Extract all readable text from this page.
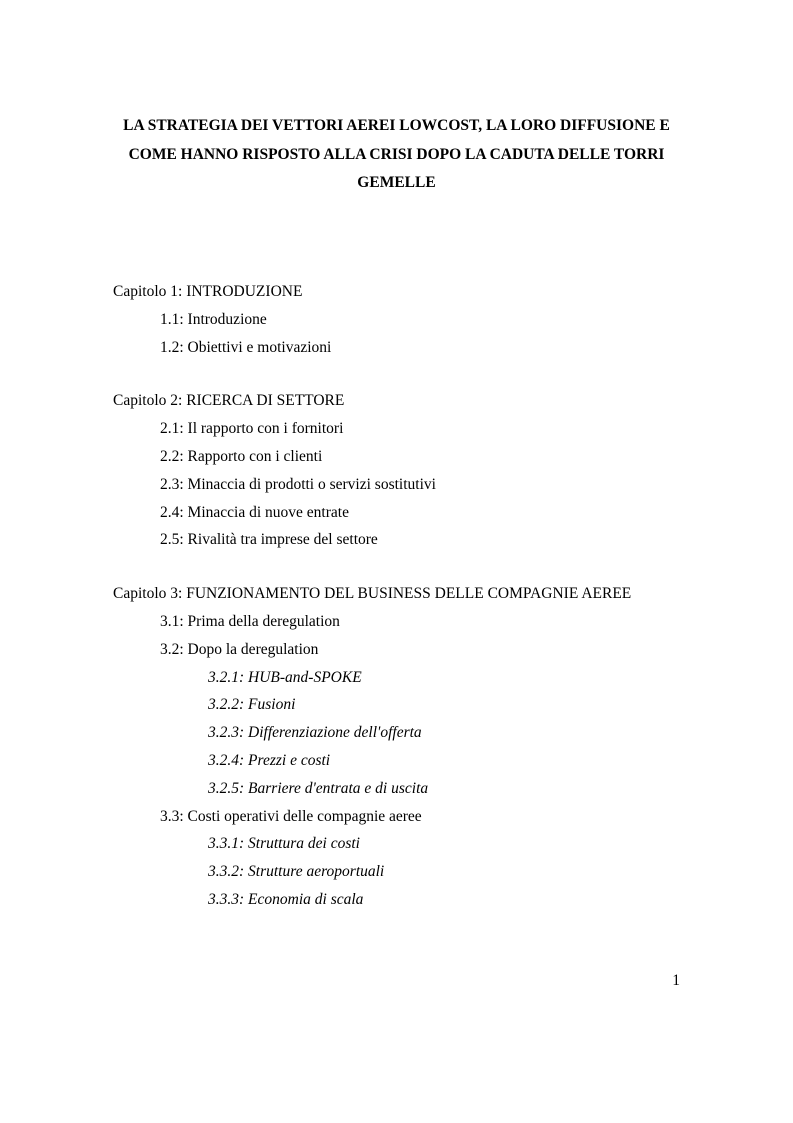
LA STRATEGIA DEI VETTORI AEREI LOWCOST, LA LORO DIFFUSIONE E
COME HANNO RISPOSTO ALLA CRISI DOPO LA CADUTA DELLE TORRI
GEMELLE
Capitolo 1: INTRODUZIONE
1.1: Introduzione
1.2: Obiettivi e motivazioni
Capitolo 2: RICERCA DI SETTORE
2.1: Il rapporto con i fornitori
2.2: Rapporto con i clienti
2.3: Minaccia di prodotti o servizi sostitutivi
2.4: Minaccia di nuove entrate
2.5: Rivalità tra imprese del settore
Capitolo 3: FUNZIONAMENTO DEL BUSINESS DELLE COMPAGNIE AEREE
3.1: Prima della deregulation
3.2: Dopo la deregulation
3.2.1: HUB-and-SPOKE
3.2.2: Fusioni
3.2.3: Differenziazione dell'offerta
3.2.4: Prezzi e costi
3.2.5: Barriere d'entrata e di uscita
3.3: Costi operativi delle compagnie aeree
3.3.1: Struttura dei costi
3.3.2: Strutture aeroportuali
3.3.3: Economia di scala
1
